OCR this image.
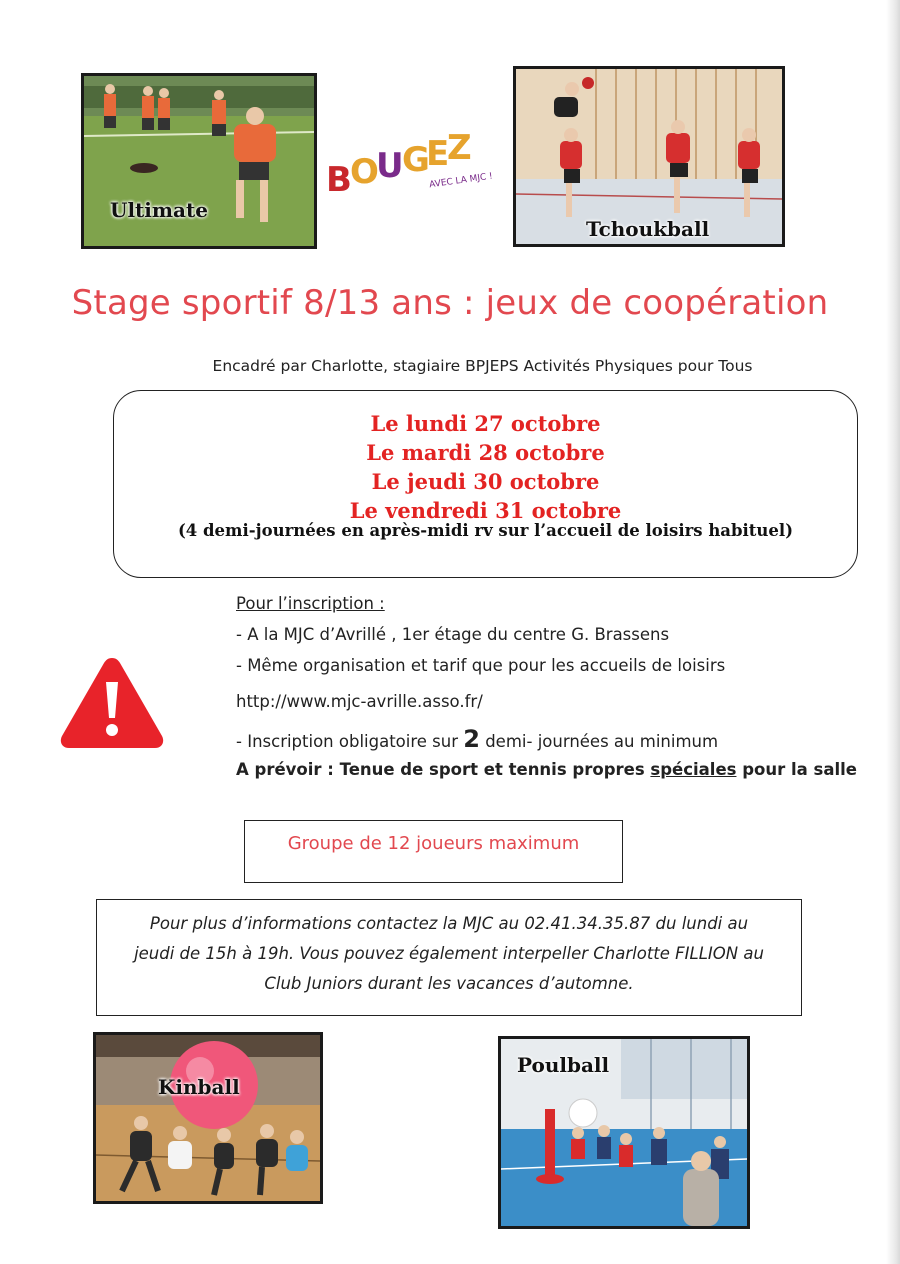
Ultimate
Tchoukball
B
O
U
G
E
Z
AVEC LA MJC !
Stage sportif 8/13 ans : jeux de coopération
Encadré par Charlotte, stagiaire BPJEPS Activités Physiques pour Tous
Le lundi 27 octobre
Le mardi 28 octobre
Le jeudi 30 octobre
Le vendredi 31 octobre
(4 demi-journées en après-midi rv sur l’accueil de loisirs habituel)
Pour l’inscription :
- A la MJC d’Avrillé , 1er étage du centre G. Brassens
- Même organisation et tarif que pour les accueils de loisirs
http://www.mjc-avrille.asso.fr/
- Inscription obligatoire sur 2 demi- journées au minimum
A prévoir : Tenue de sport et tennis propres spéciales pour la salle
Groupe de 12 joueurs maximum
Pour plus d’informations contactez la MJC au 02.41.34.35.87 du lundi au
jeudi de 15h à 19h. Vous pouvez également interpeller Charlotte FILLION au
Club Juniors durant les vacances d’automne.
Kinball
Poulball
